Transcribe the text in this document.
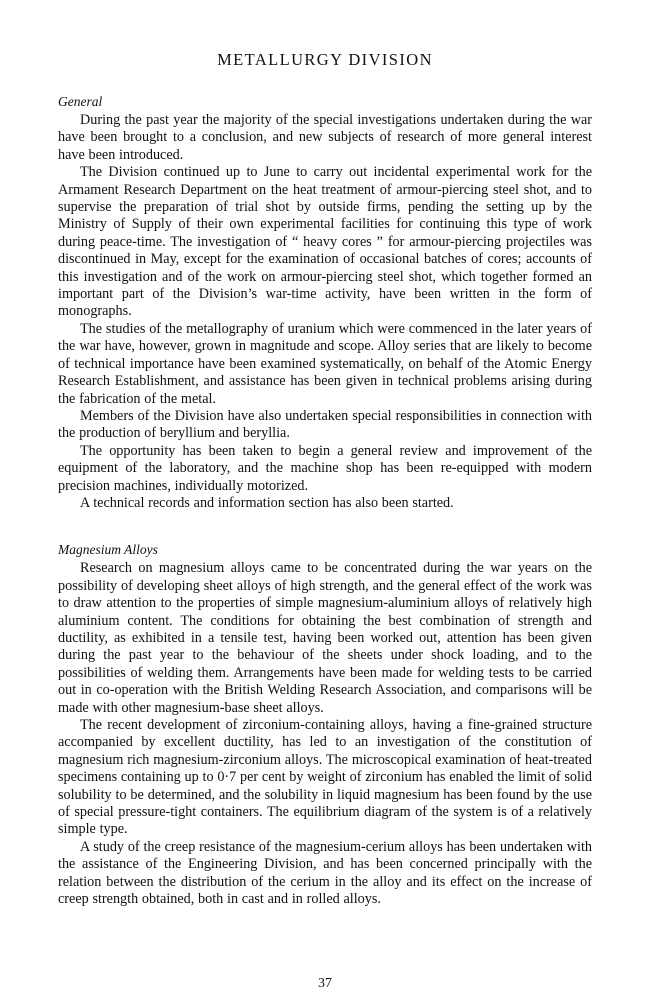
METALLURGY DIVISION
General

During the past year the majority of the special investigations undertaken during the war have been brought to a conclusion, and new subjects of research of more general interest have been introduced.

The Division continued up to June to carry out incidental experimental work for the Armament Research Department on the heat treatment of armour-piercing steel shot, and to supervise the preparation of trial shot by outside firms, pending the setting up by the Ministry of Supply of their own experimental facilities for continuing this type of work during peace-time. The investigation of “ heavy cores ” for armour-piercing projectiles was discontinued in May, except for the examination of occasional batches of cores; accounts of this investigation and of the work on armour-piercing steel shot, which together formed an important part of the Division’s war-time activity, have been written in the form of monographs.

The studies of the metallography of uranium which were commenced in the later years of the war have, however, grown in magnitude and scope. Alloy series that are likely to become of technical importance have been examined systematically, on behalf of the Atomic Energy Research Establishment, and assistance has been given in technical problems arising during the fabrication of the metal.

Members of the Division have also undertaken special responsibilities in connection with the production of beryllium and beryllia.

The opportunity has been taken to begin a general review and improvement of the equipment of the laboratory, and the machine shop has been re-equipped with modern precision machines, individually motorized.

A technical records and information section has also been started.

Magnesium Alloys

Research on magnesium alloys came to be concentrated during the war years on the possibility of developing sheet alloys of high strength, and the general effect of the work was to draw attention to the properties of simple magnesium-aluminium alloys of relatively high aluminium content. The conditions for obtaining the best combination of strength and ductility, as exhibited in a tensile test, having been worked out, attention has been given during the past year to the behaviour of the sheets under shock loading, and to the possibilities of welding them. Arrangements have been made for welding tests to be carried out in co-operation with the British Welding Research Association, and comparisons will be made with other magnesium-base sheet alloys.

The recent development of zirconium-containing alloys, having a fine-grained structure accompanied by excellent ductility, has led to an investigation of the constitution of magnesium rich magnesium-zirconium alloys. The microscopical examination of heat-treated specimens containing up to 0·7 per cent by weight of zirconium has enabled the limit of solid solubility to be determined, and the solubility in liquid magnesium has been found by the use of special pressure-tight containers. The equilibrium diagram of the system is of a relatively simple type.

A study of the creep resistance of the magnesium-cerium alloys has been undertaken with the assistance of the Engineering Division, and has been concerned principally with the relation between the distribution of the cerium in the alloy and its effect on the increase of creep strength obtained, both in cast and in rolled alloys.

37
